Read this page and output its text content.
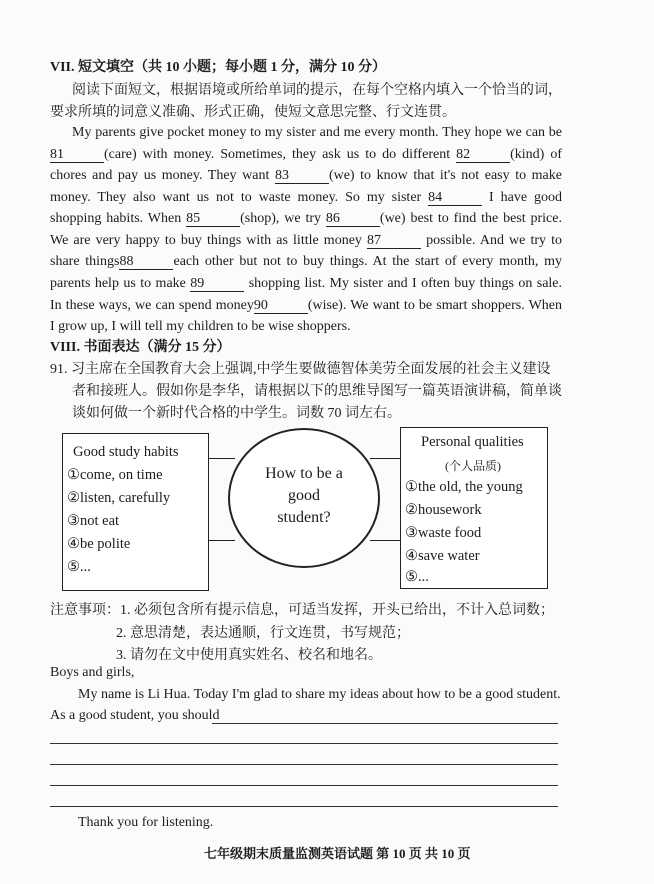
VII. 短文填空（共 10 小题；每小题 1 分，满分 10 分）
阅读下面短文，根据语境或所给单词的提示，在每个空格内填入一个恰当的词，
要求所填的词意义准确、形式正确，使短文意思完整、行文连贯。
My parents give pocket money to my sister and me every month. They hope we can be
81	(care) with money. Sometimes, they ask us to do different 82	(kind) of
chores and pay us money. They want 83	(we) to know that it's not easy to make
money. They also want us not to waste money. So my sister 84	I have good
shopping habits. When 85	(shop), we try 86	(we) best to find the best price.
We are very happy to buy things with as little money 87	possible. And we try to
share things88	each other but not to buy things. At the start of every month, my
parents help us to make 89	shopping list. My sister and I often buy things on sale.
In these ways, we can spend money90	(wise). We want to be smart shoppers. When
I grow up, I will tell my children to be wise shoppers.
VIII. 书面表达（满分 15 分）
91. 习主席在全国教育大会上强调,中学生要做德智体美劳全面发展的社会主义建设
者和接班人。假如你是李华，请根据以下的思维导图写一篇英语演讲稿，简单谈
谈如何做一个新时代合格的中学生。词数 70 词左右。
Good study habits
①come, on time
②listen, carefully
③not eat
④be polite
⑤...
How to be a
good
student?
Personal qualities
(个人品质)
①the old, the young
②housework
③waste food
④save water
⑤...
注意事项：1. 必须包含所有提示信息，可适当发挥，开头已给出，不计入总词数；
2. 意思清楚，表达通顺，行文连贯，书写规范；
3. 请勿在文中使用真实姓名、校名和地名。
Boys and girls,
My name is Li Hua. Today I'm glad to share my ideas about how to be a good student.
As a good student, you should
Thank you for listening.
七年级期末质量监测英语试题 第 10 页 共 10 页
